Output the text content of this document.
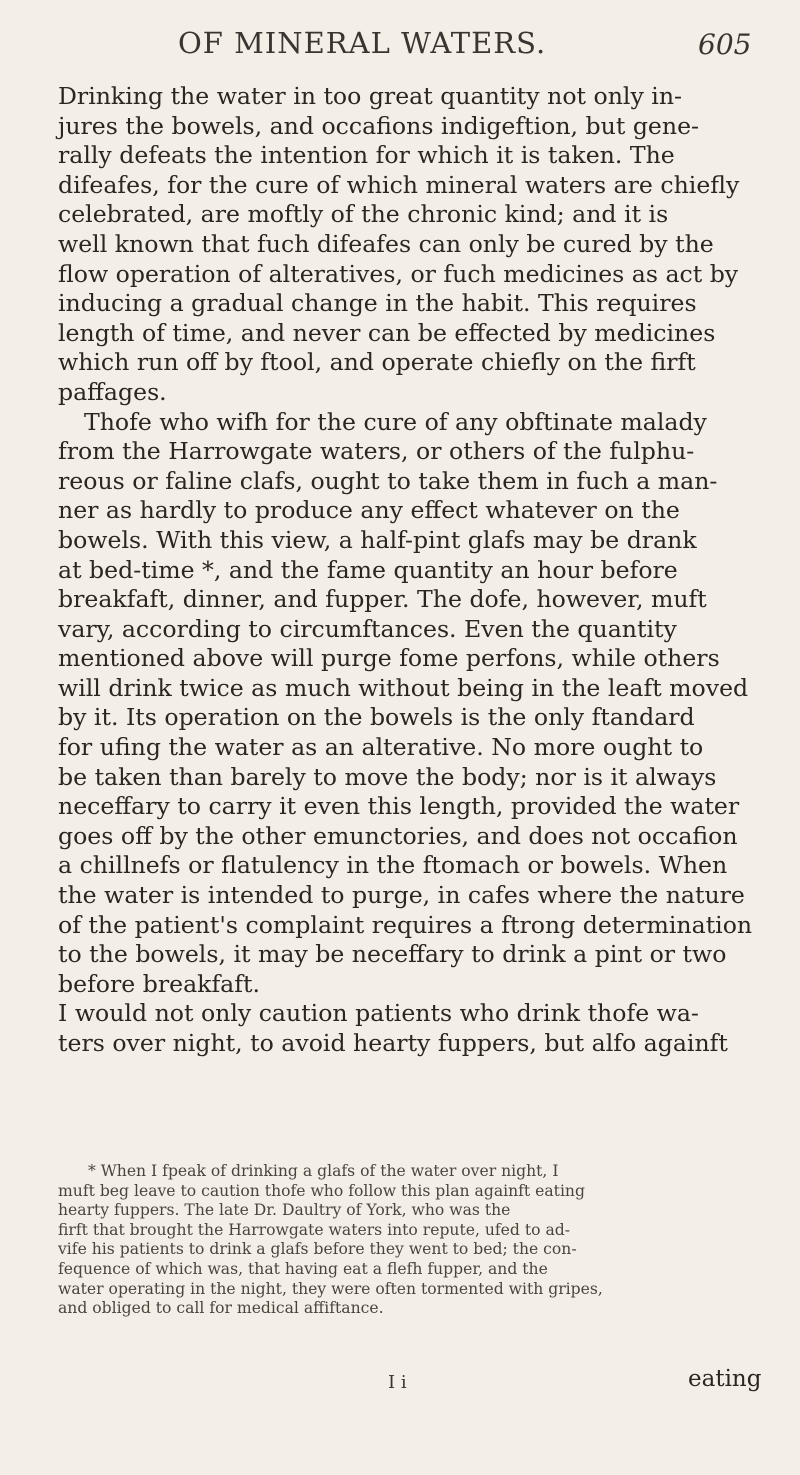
OF MINERAL WATERS.	605
Drinking the water in too great quantity not only in-
jures the bowels, and occafions indigeftion, but gene-
rally defeats the intention for which it is taken. The
difeafes, for the cure of which mineral waters are chiefly
celebrated, are moftly of the chronic kind; and it is
well known that fuch difeafes can only be cured by the
flow operation of alteratives, or fuch medicines as act by
inducing a gradual change in the habit. This requires
length of time, and never can be effected by medicines
which run off by ftool, and operate chiefly on the firft
paffages.
Thofe who wifh for the cure of any obftinate malady
from the Harrowgate waters, or others of the fulphu-
reous or faline clafs, ought to take them in fuch a man-
ner as hardly to produce any effect whatever on the
bowels. With this view, a half-pint glafs may be drank
at bed-time *, and the fame quantity an hour before
breakfaft, dinner, and fupper. The dofe, however, muft
vary, according to circumftances. Even the quantity
mentioned above will purge fome perfons, while others
will drink twice as much without being in the leaft moved
by it. Its operation on the bowels is the only ftandard
for ufing the water as an alterative. No more ought to
be taken than barely to move the body; nor is it always
neceffary to carry it even this length, provided the water
goes off by the other emunctories, and does not occafion
a chillnefs or flatulency in the ftomach or bowels. When
the water is intended to purge, in cafes where the nature
of the patient's complaint requires a ftrong determination
to the bowels, it may be neceffary to drink a pint or two
before breakfaft.
I would not only caution patients who drink thofe wa-
ters over night, to avoid hearty fuppers, but alfo againft
* When I fpeak of drinking a glafs of the water over night, I
muft beg leave to caution thofe who follow this plan againft eating
hearty fuppers. The late Dr. Daultry of York, who was the
firft that brought the Harrowgate waters into repute, ufed to ad-
vife his patients to drink a glafs before they went to bed; the con-
fequence of which was, that having eat a flefh fupper, and the
water operating in the night, they were often tormented with gripes,
and obliged to call for medical affiftance.
I i	eating
